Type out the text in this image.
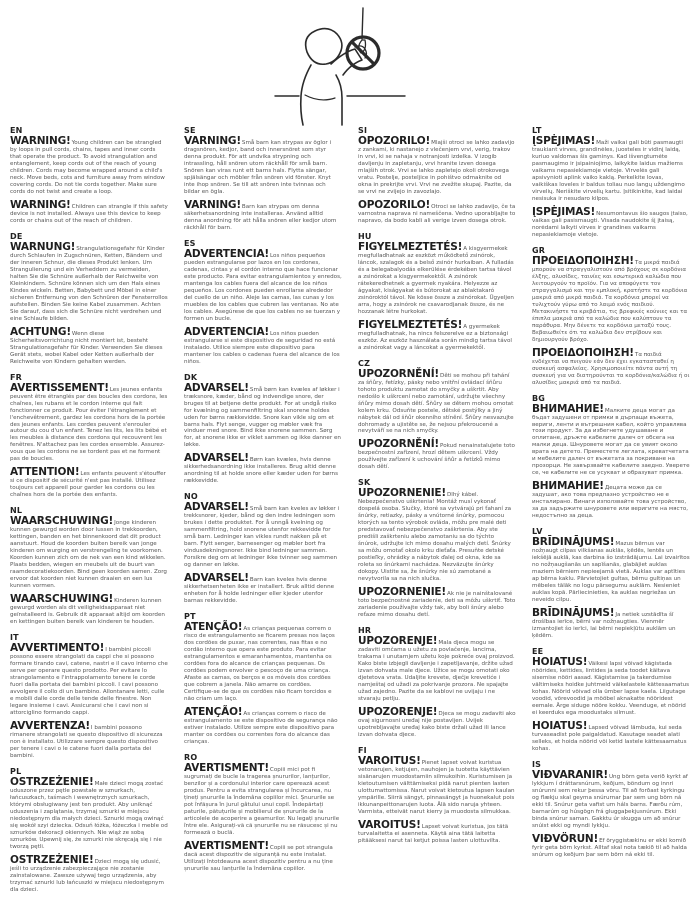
EN

WARNING!Young children can be strangled by loops in pull cords, chains, tapes and inner cords that operate the product. To avoid strangulation and entanglement, keep cords out of the reach of young children. Cords may become wrapped around a child's neck. Move beds, cots and furniture away from window covering cords. Do not tie cords together. Make sure cords do not twist and create a loop.

WARNING!Children can strangle if this safety device is not installed. Always use this device to keep cords or chains out of the reach of children.

DE

WARNUNG!Strangulationsgefahr für Kinder durch Schlaufen in Zugschnüren, Ketten, Bändern und der inneren Schnur, die dieses Produkt lenken. Um Strangulierung und ein Verheddern zu vermeiden, halten Sie die Schnüre außerhalb der Reichweite von Kleinkindern. Schnüre können sich um den Hals eines Kindes wickeln. Betten, Babybett und Möbel in einer sicheren Entfernung von den Schnüren der Fensterrollos aufstellen. Binden Sie keine Kabel zusammen. Achten Sie darauf, dass sich die Schnüre nicht verdrehen und eine Schlaufe bilden.

ACHTUNG!Wenn diese Sicherheitsvorrichtung nicht montiert ist, besteht Strangulationsgefahr für Kinder. Verwenden Sie dieses Gerät stets, wobei Kabel oder Ketten außerhalb der Reichweite von Kindern gehalten werden.

FR

AVERTISSEMENT!Les jeunes enfants peuvent être étranglés par des boucles des cordons, les chaînes, les rubans et le cordon interne qui fait fonctionner ce produit. Pour éviter l'étranglement et l'enchevêtrement, gardez les cordons hors de la portée des jeunes enfants. Les cordes peuvent s'enrouler autour du cou d'un enfant. Tenez les lits, les lits bébé et les meubles à distance des cordons qui recouvrent les fenêtres. N'attachez pas les cordes ensemble. Assurez-vous que les cordons ne se tordent pas et ne forment pas de boucles.

ATTENTION!Les enfants peuvent s'étouffer si ce dispositif de sécurité n'est pas installé. Utilisez toujours cet appareil pour garder les cordons ou les chaînes hors de la portée des enfants.

NL

WAARSCHUWING!Jonge kinderen kunnen gewurgd worden door lussen in trekkoorden, kettingen, banden en het binnenkoord dat dit product aanstuurt. Houd de koorden buiten bereik van jonge kinderen om wurging en verstrengeling te voorkomen. Koorden kunnen zich om de nek van een kind wikkelen. Plaats bedden, wiegen en meubels uit de buurt van raamdecoratiekoorden. Bind geen koorden samen. Zorg ervoor dat koorden niet kunnen draaien en een lus kunnen vormen.

WAARSCHUWING!Kinderen kunnen gewurgd worden als dit veiligheidsapparaat niet geïnstalleerd is. Gebruik dit apparaat altijd om koorden en kettingen buiten bereik van kinderen te houden.

IT

AVVERTIMENTO!I bambini piccoli possono essere strangolati da cappi che si possono formare tirando cavi, catene, nastri e il cavo interno che serve per operare questo prodotto. Per evitare lo strangolamento e l'intrappolamento tenere le corde fuori dalla portata dei bambini piccoli. I cavi possono avvolgere il collo di un bambino. Allontanare letti, culle e mobili dalle corde delle tende delle finestre. Non legare insieme i cavi. Assicurarsi che i cavi non si attorciglino formando cappi.

AVVERTENZA!I bambini possono rimanere strangolati se questo dispositivo di sicurezza non è installato. Utilizzare sempre questo dispositivo per tenere i cavi o le catene fuori dalla portata dei bambini.

PL

OSTRZEŻENIE!Małe dzieci mogą zostać uduszone przez pętle powstałe w sznurkach, łańcuszkach, taśmach i wewnętrznych sznurkach, którymi obsługiwany jest ten produkt. Aby uniknąć uduszenia i zaplątania, trzymaj sznurki w miejscu niedostępnym dla małych dzieci. Sznurki mogą owinąć się wokół szyi dziecka. Odsuń łóżka, łóżeczka i meble od sznurków dekoracji okiennych. Nie wiąż ze sobą sznurków. Upewnij się, że sznurki nie skręcają się i nie tworzą pętli.

OSTRZEŻENIE!Dzieci mogą się udusić, jeśli to urządzenie zabezpieczające nie zostanie zainstalowane. Zawsze używaj tego urządzenia, aby trzymać sznurki lub łańcuszki w miejscu niedostępnym dla dzieci.

SE

VARNING!Små barn kan strypas av öglor i dragsnören, kedjor, band och innersnöret som styr denna produkt. För att undvika strypning och intrassling, håll snören utom räckhåll för små barn. Snören kan viras runt ett barns hals. Flytta sängar, spjälsängar och möbler från snören vid fönster. Knyt inte ihop snören. Se till att snören inte tvinnas och bildar en ögla.

VARNING!Barn kan strypas om denna säkerhetsanordning inte installeras. Använd alltid denna anordning för att hålla snören eller kedjor utom räckhåll för barn.

ES

ADVERTENCIA!Los niños pequeños pueden estrangularse por lazos en los cordones, cadenas, cintas y el cordón interno que hace funcionar este producto. Para evitar estrangulamientos y enredos, mantenga los cables fuera del alcance de los niños pequeños. Los cordones pueden enrollarse alrededor del cuello de un niño. Aleje las camas, las cunas y los muebles de los cables que cubren las ventanas. No ate los cables. Asegúrese de que los cables no se tuerzan y formen un bucle.

ADVERTENCIA!Los niños pueden estrangularse si este dispositivo de seguridad no está instalado. Utilice siempre este dispositivo para mantener los cables o cadenas fuera del alcance de los niños.

DK

ADVARSEL!Små børn kan kvæles af løkker i træksnore, kæder, bånd og indvendige snore, der bruges til at betjene dette produkt. For at undgå risiko for kvælning og sammenfiltring skal snorene holdes uden for børns rækkevidde. Snore kan vikle sig om et barns hals. Flyt senge, vugger og møbler væk fra vinduer med snore. Bind ikke snorene sammen. Sørg for, at snorene ikke er viklet sammen og ikke danner en løkke.

ADVARSEL!Børn kan kvæles, hvis denne sikkerhedsanordning ikke installeres. Brug altid denne anordning til at holde snore eller kæder uden for børns rækkevidde.

NO

ADVARSEL!Små barn kan kveles av løkker i trekksnorer, kjeder, bånd og den indre ledningen som brukes i dette produktet. For å unngå kvelning og sammenfiltring, hold snorene utenfor rekkevidde for små barn. Ledninger kan vikles rundt nakken på et barn. Flytt senger, barnesenger og møbler bort fra vindusdekningsnorer. Ikke bind ledninger sammen. Forsikre deg om at ledninger ikke tvinner seg sammen og danner en løkke.

ADVARSEL!Barn kan kveles hvis denne sikkerhetsenheten ikke er installert. Bruk alltid denne enheten for å holde ledninger eller kjeder utenfor barnas rekkevidde.

PT

ATENÇÃO!As crianças pequenas correm o risco de estrangulamento se ficarem presas nos laços dos cordões de puxar, nas correntes, nas fitas e no cordão interno que opera este produto. Para evitar estrangulamentos e emaranhamentos, mantenha os cordões fora do alcance de crianças pequenas. Os cordões podem envolver o pescoço de uma criança. Afaste as camas, os berços e os móveis dos cordões que cobrem a janela. Não amarre os cordões. Certifique-se de que os cordões não ficam torcidos e não criam um laço.

ATENÇÃO!As crianças correm o risco de estrangulamento se este dispositivo de segurança não estiver instalado. Utilize sempre este dispositivo para manter os cordões ou correntes fora do alcance das crianças.

RO

AVERTISMENT!Copiii mici pot fi sugrumați de bucle la tragerea șnururilor, lanțurilor, benzilor și a cordonului interior care operează acest produs. Pentru a evita strangularea și încurcarea, nu țineți șnururile la îndemâna copiilor mici. Șnururile se pot înfășura în jurul gâtului unui copil. Îndepărtați paturile, pătuțurile și mobilierul de șnururile de la articolele de acoperire a geamurilor. Nu legați șnururile între ele. Asigurați-vă că șnururile nu se răsucesc și nu formează o buclă.

AVERTISMENT!Copiii se pot strangula dacă acest dispozitiv de siguranță nu este instalat. Utilizați întotdeauna acest dispozitiv pentru a nu ține șnururile sau lanțurile la îndemâna copiilor.

SI

OPOZORILO!Mlajši otroci se lahko zadavijo z zankami, ki nastanejo z vlečenjem vrvi, verig, trakov in vrvi, ki se nahaja v notranjosti izdelka. V izogib davljenju in zapletanju, vrvi hranite izven dosega mlajših otrok. Vrvi se lahko zapletejo okoli otrokovega vratu. Postelje, posteljice in pohištvo odmaknite od okna in prekrijte vrvi. Vrvi ne zvežite skupaj. Pazite, da se vrvi ne zvijejo in zavozlajo.

OPOZORILO!Otroci se lahko zadavijo, če ta varnostna naprava ni nameščena. Vedno uporabljajte to napravo, da bodo kabli ali verige izven dosega otrok.

HU

FIGYELMEZTETÉS!A kisgyermekek megfulladhatnak az eszközt működtető zsinórok, láncok, szalagok és a belső zsinór hurkaiban. A fulladás és a belegabalyodás elkerülése érdekében tartsa távol a zsinórokat a kisgyermekektől. A zsinórok rátekeredhetnek a gyermek nyakára. Helyezze az ágyakat, kiságyakat és bútorokat az ablaktakaró zsinóroktól távol. Ne kösse össze a zsinórokat. Ügyeljen arra, hogy a zsinórok ne csavarodjanak össze, és ne hozzanak létre hurkokat.

FIGYELMEZTETÉS!A gyermekek megfulladhatnak, ha nincs felszerelve ez a biztonsági eszköz. Az eszköz használata során mindig tartsa távol a zsinórokat vagy a láncokat a gyermekektől.

CZ

UPOZORNĚNÍ!Děti se mohou při tahání za šňůry, řetízky, pásky nebo vnitřní ovládací šňůru tohoto produktu zamotat do smyčky a uškrtit. Aby nedošlo k uškrcení nebo zamotání, udržujte všechny šňůry mimo dosah dětí. Šňůry se dětem mohou omotat kolem krku. Odsuňte postele, dětské postýlky a jiný nábytek dál od šňůr okenního stínění. Šňůry nesvazujte dohromady a ujistěte se, že nejsou překroucené a nevytváří se na nich smyčky.

UPOZORNĚNÍ!Pokud nenainstalujete toto bezpečnostní zařízení, hrozí dětem uškrcení. Vždy používejte zařízení k uchování šňůr a řetízků mimo dosah dětí.

SK

UPOZORNENIE!Dlhý kábel. Nebezpečenstvo uškrtenia! Montáž musí vykonať dospelá osoba. Slučky, ktoré sa vytvárajú pri ťahaní za šnúrky, retiazky, pásky a vnútorné šnúrky, pomocou ktorých sa tento výrobok ovláda, môžu pre malé deti predstavovať nebezpečenstvo zaškrtenia. Aby ste predišli zaškrteniu alebo zamotaniu sa do týchto šnúrok, udržujte ich mimo dosahu malých detí. Šnúrky sa môžu omotať okolo krku dieťaťa. Presuňte detské postieľky, ohrádky a nábytok ďalej od okna, kde sa roleta so šnúrkami nachádza. Nezväzujte šnúrky dokopy. Uistite sa, že šnúrky nie sú zamotané a nevytvorila sa na nich slučka.

UPOZORNENIE!Ak nie je nainštalované toto bezpečnostné zariadenie, deti sa môžu uškrtiť. Toto zariadenie používajte vždy tak, aby boli šnúry alebo reťaze mimo dosahu detí.

HR

UPOZORENJE!Mala djeca mogu se zadaviti omčama u užetu za povlačenje, lancima, trakama i unutarnjem užetu koje pokreće ovaj proizvod. Kako biste izbjegli davljenje i zapetljavanje, držite užad izvan dohvata male djece. Užice se mogu omotati oko djetetova vrata. Udaljite krevete, dječje krevetiće i namještaj od užadi za pokrivanje prozora. Ne spajajte užad zajedno. Pazite da se kablovi ne uvijaju i ne stvaraju petlju.

UPOZORENJE!Djeca se mogu zadaviti ako ovaj sigurnosni uređaj nije postavljen. Uvijek upotrebljavajte uređaj kako biste držali užad ili lance izvan dohvata djece.

FI

VAROITUS!Pienet lapset voivat kuristua vetonarujen, ketjujen, nauhojen ja tuotetta käyttävien sisänarujen muodostamiin silmukoihin. Kuristumisen ja kietoutumisen välttämiseksi pidä narut pienten lasten ulottumattomissa. Narut voivat kietoutua lapsen kaulan ympärille. Siirrä sängyt, pinnasängyt ja huonekalut pois ikkunanpeittonarujen luota. Älä sido naruja yhteen. Varmista, etteivät narut kierry ja muodosta silmukkaa.

VAROITUS!Lapset voivat kuristua, jos tätä turvalaitetta ei asenneta. Käytä aina tätä laitetta pitääksesi narut tai ketjut poissa lasten ulottuvilta.

LT

ĮSPĖJIMAS!Maži vaikai gali būti pasmaugti traukiant virves, grandinėles, juosteles ir vidinį laidą, kuriuo valdomas šis gaminys. Kad išvengtumėte pasmaugimo ir įsipainiojimo, laikykite laidus mažiems vaikams nepasiekiamoje vietoje. Virvelės gali apsivynioti aplink vaiko kaklą. Perkelkite lovas, vaikiškas loveles ir baldus toliau nuo langų uždengimo virvelių. Neriškite virvelių kartu. Įsitikinkite, kad laidai nesisuka ir nesudaro kilpos.

ĮSPĖJIMAS!Nesumontavus šio saugos įtaiso, vaikas gali pasismaugti. Visada naudokite šį įtaisą, norėdami laikyti virves ir grandines vaikams nepasiekiamoje vietoje.

GR

ΠΡΟΕΙΔΟΠΟΙΗΣΗ!Τα μικρά παιδιά μπορούν να στραγγαλιστούν από βρόχους σε κορδόνια έλξης, αλυσίδες, ταινίες και εσωτερικά καλώδια που λειτουργούν το προϊόν. Για να αποφύγετε τον στραγγαλισμό και την εμπλοκή, κρατήστε τα κορδόνια μακριά από μικρά παιδιά. Τα κορδόνια μπορεί να τυλιχτούν γύρω από το λαιμό ενός παιδιού. Μετακινήστε τα κρεβάτια, τις βρεφικές κούνιες και τα έπιπλα μακριά από τα καλώδια που καλύπτουν τα παράθυρα. Μην δένετε τα κορδόνια μεταξύ τους. Βεβαιωθείτε ότι τα καλώδια δεν στρίβουν και δημιουργούν βρόχο.

ΠΡΟΕΙΔΟΠΟΙΗΣΗ!Τα παιδιά ενδέχεται να πνιγούν εάν δεν έχει εγκατασταθεί η συσκευή ασφαλείας. Χρησιμοποιείτε πάντα αυτή τη συσκευή για να διατηρούνται τα κορδόνια/καλώδια ή οι αλυσίδες μακριά από τα παιδιά.

BG

ВНИМАНИЕ!Малките деца могат да бъдат задушени от примки в дърпащи въжета, вериги, ленти и вътрешния кабел, който управлява този продукт. За да избегнете удушаване и оплитане, дръжте кабелите далеч от обсега на малки деца. Шнуровете могат да се увият около врата на детето. Преместете леглата, креватчетата и мебелите далеч от въжетата за покриване на прозорци. Не завързвайте кабелите заедно. Уверете се, че кабелите не се усукват и образуват примка.

ВНИМАНИЕ!Децата може да се задушат, ако това предпазно устройство не е инсталирано. Винаги използвайте това устройство, за да задържите шнуровете или веригите на място, недостъпно за деца.

LV

BRĪDINĀJUMS!Mazus bērnus var nožņaugt cilpas vilkšanas auklās, ķēdēs, lentēs un iekšējā auklā, kas darbina šo izstrādājumu. Lai izvairītos no nožņaugšanās un sapīšanās, glabājiet auklas maziem bērniem nepieejamā vietā. Auklas var aptīties ap bērna kaklu. Pārvietojiet gultas, bērnu gultiņas un mēbeles tālāk no logu pārsegumu auklām. Nesieniet auklas kopā. Pārliecinieties, ka auklas negriežas un neveido cilpu.

BRĪDINĀJUMS!Ja netiek uzstādīta šī drošības ierīce, bērni var nožņaugties. Vienmēr izmantojiet šo ierīci, lai bērni nepiekļūtu auklām un ķēdēm.

EE

HOIATUS!Väikesi lapsi võivad kägistada nöörides, kettides, lintides ja seda toodet käitava sisemise nööri aasad. Kägistamise ja takerdumise vältimiseks hoidke juhtmeid väikelastele kättesaamatus kohas. Nöörid võivad olla ümber lapse kaela. Liigutage voodid, võrevoodid ja mööbel aknakatte nööridest eemale. Ärge siduge nööre kokku. Veenduge, et nöörid ei keerduks ega moodustaks silmust.

HOIATUS!Lapsed võivad lämbuda, kui seda turvaseadist pole paigaldatud. Kasutage seadet alati selleks, et hoida nöörid või ketid lastele kättesaamatus kohas.

IS

VIÐVARANIR!Ung börn geta verið kyrkt af lykkjum í dráttarsnúrum, keðjum, böndum og innri snúrunni sem rekur þessa vöru. Til að forðast kyrkingu og flækju skal geyma snúrurnar þar sem ung börn ná ekki til. Snúrur geta vafist um háls barns. Færðu rúm, barnarúm og húsgögn frá gluggaþekjusnúrum. Ekki binda snúrur saman. Gakktu úr skugga um að snúrur snúist ekki og myndi lykkju.

VIÐVÖRUN!Ef öryggistækinu er ekki komið fyrir geta börn kyrkst. Alltaf skal nota tækið til að halda snúrum og keðjum þar sem börn ná ekki til.
